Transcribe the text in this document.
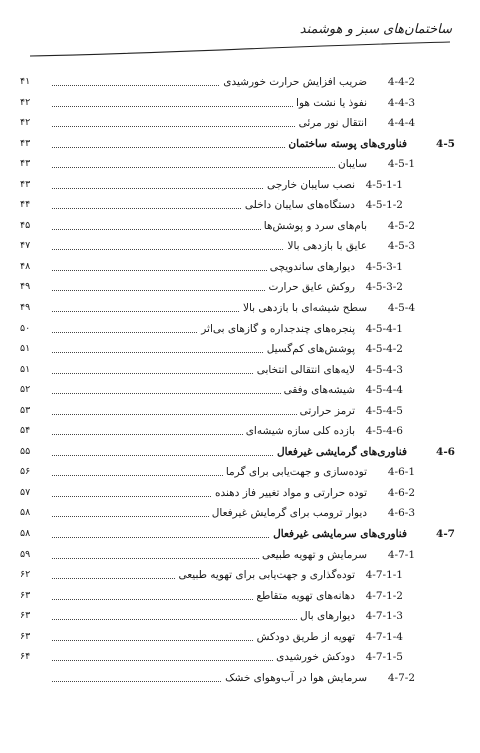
ساختمان‌های سبز و هوشمند
4-4-2
ضریب افزایش حرارت خورشیدی
۴۱
4-4-3
نفوذ یا نشت هوا
۴۲
4-4-4
انتقال نور مرئی
۴۲
4-5
فناوری‌های پوسته ساختمان
۴۳
4-5-1
سایبان
۴۳
4-5-1-1
نصب سایبان خارجی
۴۳
4-5-1-2
دستگاه‌های سایبان داخلی
۴۴
4-5-2
بام‌های سرد و پوشش‌ها
۴۵
4-5-3
عایق با بازدهی بالا
۴۷
4-5-3-1
دیوارهای ساندویچی
۴۸
4-5-3-2
روکش عایق حرارت
۴۹
4-5-4
سطح شیشه‌ای با بازدهی بالا
۴۹
4-5-4-1
پنجره‌های چندجداره و گازهای بی‌اثر
۵۰
4-5-4-2
پوشش‌های کم‌گسیل
۵۱
4-5-4-3
لایه‌های انتقالی انتخابی
۵۱
4-5-4-4
شیشه‌های وفقی
۵۲
4-5-4-5
ترمز حرارتی
۵۳
4-5-4-6
بازده کلی سازه شیشه‌ای
۵۴
4-6
فناوری‌های گرمایشی غیرفعال
۵۵
4-6-1
توده‌سازی و جهت‌یابی برای گرما
۵۶
4-6-2
توده حرارتی و مواد تغییر فاز دهنده
۵۷
4-6-3
دیوار ترومب برای گرمایش غیرفعال
۵۸
4-7
فناوری‌های سرمایشی غیرفعال
۵۸
4-7-1
سرمایش و تهویه طبیعی
۵۹
4-7-1-1
توده‌گذاری و جهت‌یابی برای تهویه طبیعی
۶۲
4-7-1-2
دهانه‌های تهویه متقاطع
۶۳
4-7-1-3
دیوارهای بال
۶۳
4-7-1-4
تهویه از طریق دودکش
۶۳
4-7-1-5
دودکش خورشیدی
۶۴
4-7-2
سرمایش هوا در آب‌وهوای خشک
